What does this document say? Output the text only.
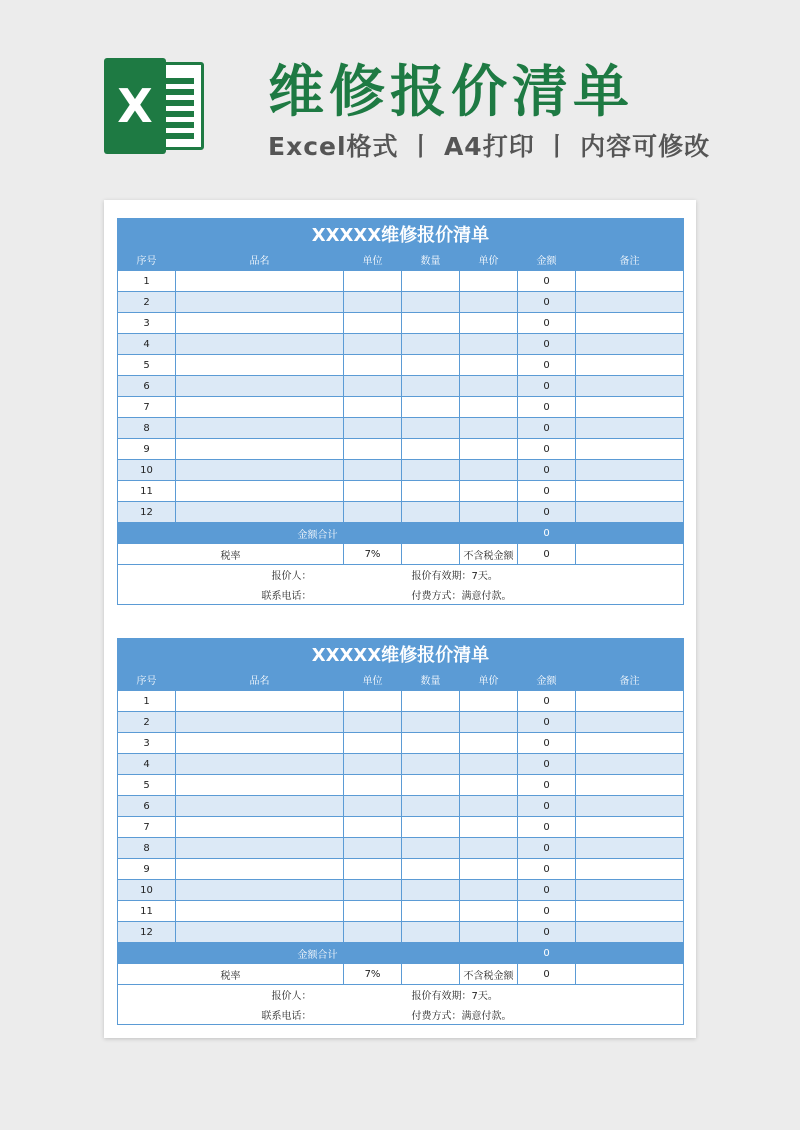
X 维修报价清单
Excel格式 丨 A4打印 丨 内容可修改
XXXXX维修报价清单						
序号	品名	单位	数量	单价	金额	备注
1					0	
2					0	
3					0	
4					0	
5					0	
6					0	
7					0	
8					0	
9					0	
10					0	
11					0	
12					0	
金额合计					0	
税率		7%		不含税金额	0	
报价人：			报价有效期：7天。			
联系电话：			付费方式：满意付款。			
XXXXX维修报价清单						
序号	品名	单位	数量	单价	金额	备注
1					0	
2					0	
3					0	
4					0	
5					0	
6					0	
7					0	
8					0	
9					0	
10					0	
11					0	
12					0	
金额合计					0	
税率		7%		不含税金额	0	
报价人：			报价有效期：7天。			
联系电话：			付费方式：满意付款。			
